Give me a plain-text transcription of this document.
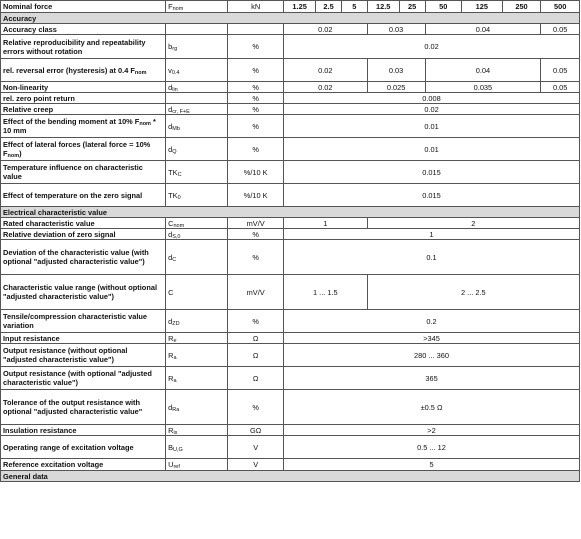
Nominal force	$F_{nom}$	kN	1.25	2.5	5	12.5	25	50	125	250	500
Accuracy											
Accuracy class			0.02			0.03		0.04			0.05
Relative reproducibility and repeatability errors without rotation	$b_{rg}$	%	0.02								
rel. reversal error (hysteresis) at 0.4 $F_{nom}$	$v_{0.4}$	%	0.02			0.03		0.04			0.05
Non-linearity	$d_{lin}$	%	0.02			0.025		0.035			0.05
rel. zero point return		%	0.008								
Relative creep	$d_{cr, F+E}$	%	0.02								
Effect of the bending moment at 10% $F_{nom} * 10$ mm	$d_{Mb}$	%	0.01								
Effect of lateral forces (lateral force = 10% $F_{nom}$)	$d_Q$	%	0.01								
Temperature influence on characteristic value	$TK_C$	%/10 K	0.015								
Effect of temperature on the zero signal	$TK_0$	%/10 K	0.015								
Electrical characteristic value											
Rated characteristic value	$C_{nom}$	mV/V	1			2					
Relative deviation of zero signal	$d_{S,0}$	%	1								
Deviation of the characteristic value (with optional "adjusted characteristic value")	$d_C$	%	0.1								
Characteristic value range (without optional "adjusted characteristic value")	C	mV/V	1 ... 1.5			2 ... 2.5					
Tensile/compression characteristic value variation	$d_{ZD}$	%	0.2								
Input resistance	$R_e$	Ω	>345								
Output resistance (without optional "adjusted characteristic value")	$R_a$	Ω	280 ... 360								
Output resistance (with optional "adjusted characteristic value")	$R_a$	Ω	365								
Tolerance of the output resistance with optional "adjusted characteristic value"	$d_{Ra}$	%	±0.5 Ω								
Insulation resistance	$R_{is}$	GΩ	>2								
Operating range of excitation voltage	$B_{U,G}$	V	0.5 ... 12								
Reference excitation voltage	$U_{ref}$	V	5								
General data											
